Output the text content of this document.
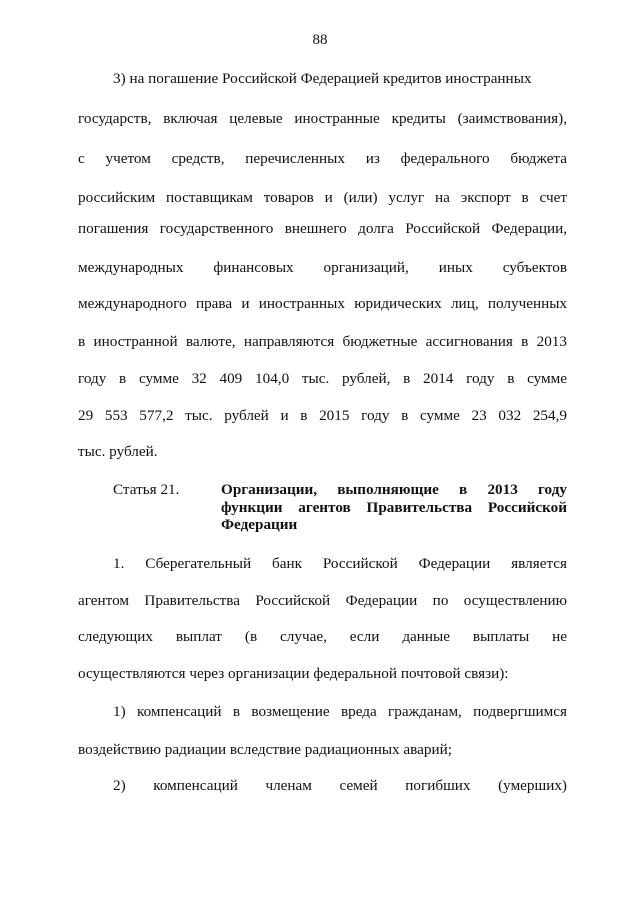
88
3) на погашение Российской Федерацией кредитов иностранных
государств, включая целевые иностранные кредиты (заимствования),
с учетом средств, перечисленных из федерального бюджета
российским поставщикам товаров и (или) услуг на экспорт в счет
погашения государственного внешнего долга Российской Федерации,
международных финансовых организаций, иных субъектов
международного права и иностранных юридических лиц, полученных
в иностранной валюте, направляются бюджетные ассигнования в 2013
году в сумме 32 409 104,0 тыс. рублей, в 2014 году в сумме
29 553 577,2 тыс. рублей и в 2015 году в сумме 23 032 254,9
тыс. рублей.
Статья 21.	Организации, выполняющие в 2013 году
функции агентов Правительства Российской
Федерации
1. Сберегательный банк Российской Федерации является
агентом Правительства Российской Федерации по осуществлению
следующих выплат (в случае, если данные выплаты не
осуществляются через организации федеральной почтовой связи):
1) компенсаций в возмещение вреда гражданам, подвергшимся
воздействию радиации вследствие радиационных аварий;
2) компенсаций членам семей погибших (умерших)
